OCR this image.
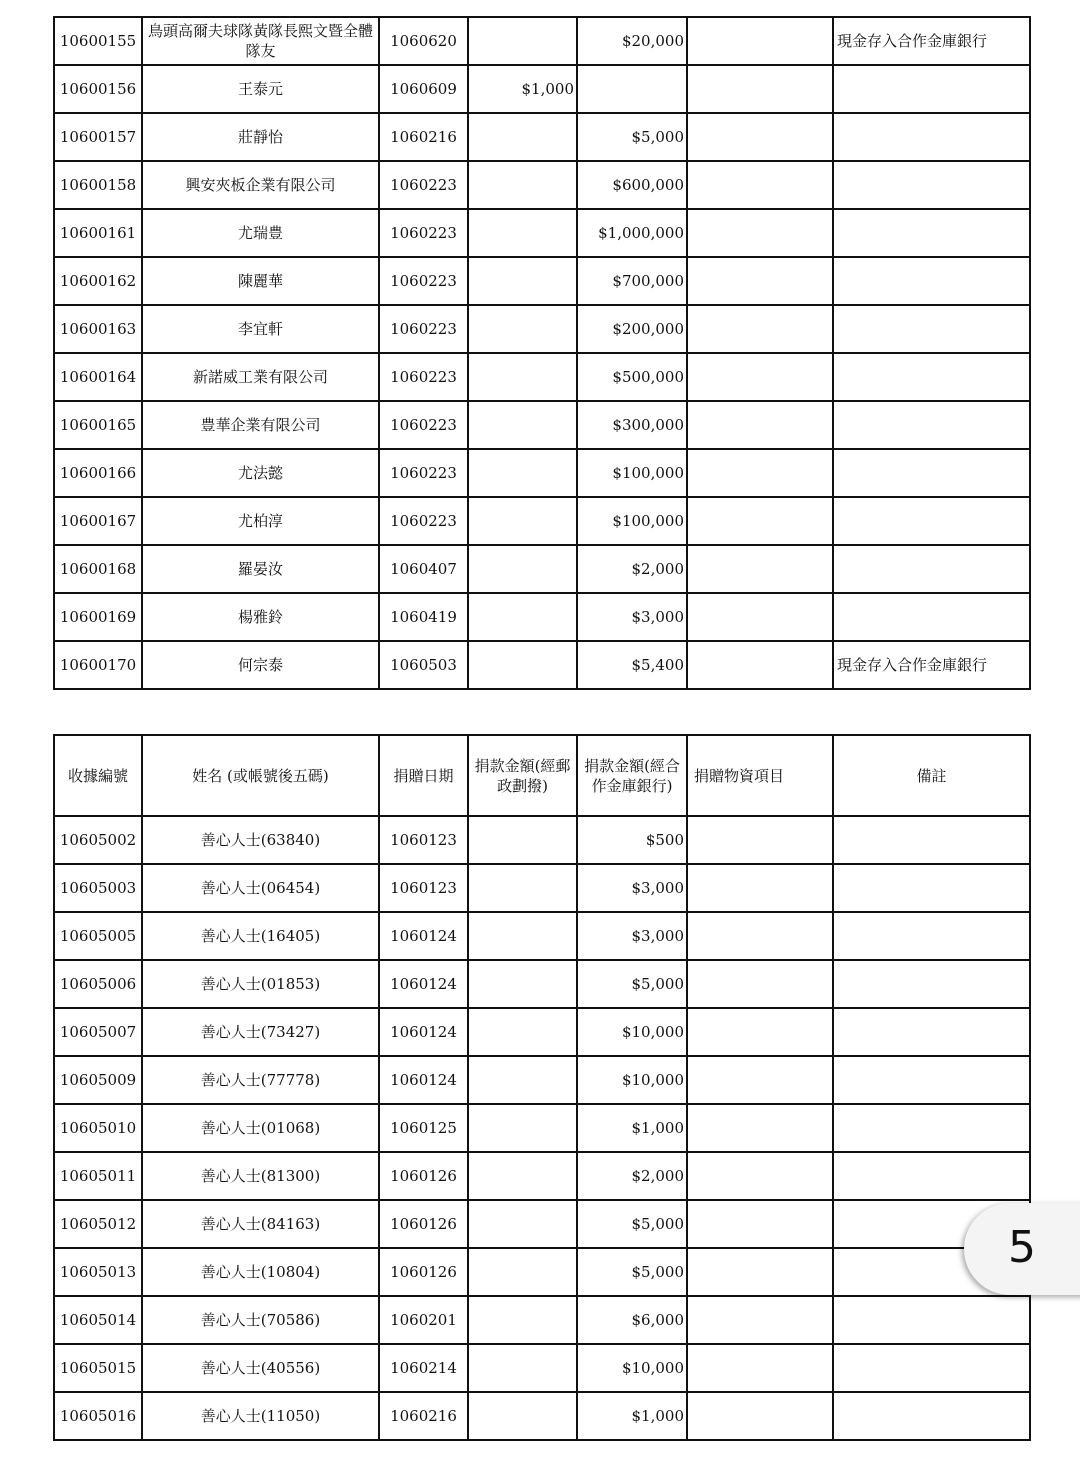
10600155	鳥頭高爾夫球隊黃隊長熙文暨全體隊友	1060620		$20,000		現金存入合作金庫銀行
10600156	王泰元	1060609	$1,000			
10600157	莊靜怡	1060216		$5,000		
10600158	興安夾板企業有限公司	1060223		$600,000		
10600161	尤瑞豊	1060223		$1,000,000		
10600162	陳麗華	1060223		$700,000		
10600163	李宜軒	1060223		$200,000		
10600164	新諾威工業有限公司	1060223		$500,000		
10600165	豊華企業有限公司	1060223		$300,000		
10600166	尤法懿	1060223		$100,000		
10600167	尤柏淳	1060223		$100,000		
10600168	羅晏汝	1060407		$2,000		
10600169	楊雅鈴	1060419		$3,000		
10600170	何宗泰	1060503		$5,400		現金存入合作金庫銀行
收據編號	姓名 (或帳號後五碼)	捐贈日期	捐款金額(經郵政劃撥)	捐款金額(經合作金庫銀行)	捐贈物資項目	備註
10605002	善心人士(63840)	1060123		$500		
10605003	善心人士(06454)	1060123		$3,000		
10605005	善心人士(16405)	1060124		$3,000		
10605006	善心人士(01853)	1060124		$5,000		
10605007	善心人士(73427)	1060124		$10,000		
10605009	善心人士(77778)	1060124		$10,000		
10605010	善心人士(01068)	1060125		$1,000		
10605011	善心人士(81300)	1060126		$2,000		
10605012	善心人士(84163)	1060126		$5,000		
10605013	善心人士(10804)	1060126		$5,000		
10605014	善心人士(70586)	1060201		$6,000		
10605015	善心人士(40556)	1060214		$10,000		
10605016	善心人士(11050)	1060216		$1,000		
5
